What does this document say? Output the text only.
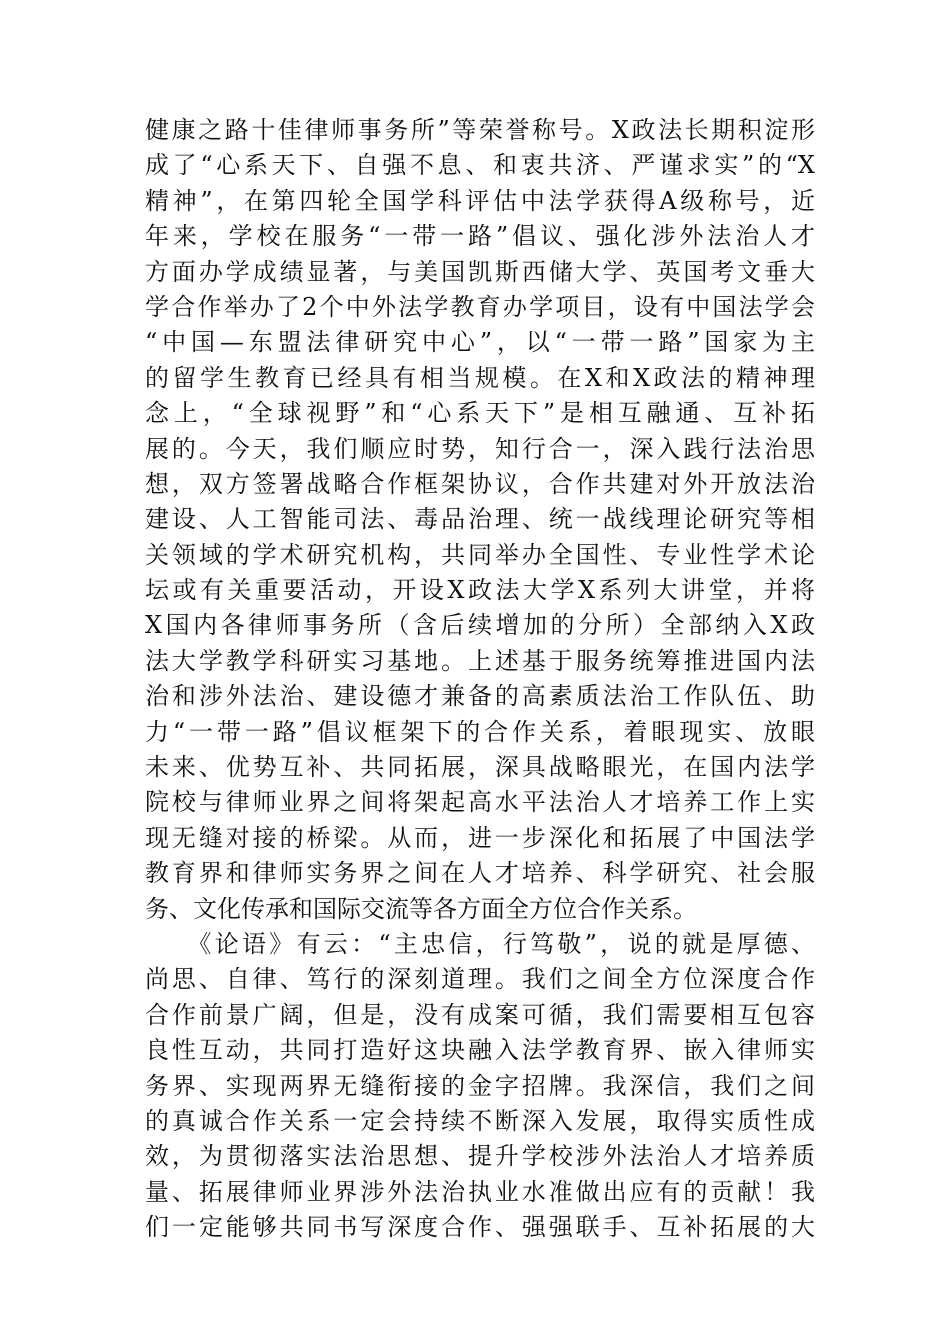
健康之路十佳律师事务所”等荣誉称号。X政法长期积淀形
成了“心系天下、自强不息、和衷共济、严谨求实”的“X
精神”，在第四轮全国学科评估中法学获得A级称号，近
年来，学校在服务“一带一路”倡议、强化涉外法治人才
方面办学成绩显著，与美国凯斯西储大学、英国考文垂大
学合作举办了2个中外法学教育办学项目，设有中国法学会
“中国—东盟法律研究中心”，以“一带一路”国家为主
的留学生教育已经具有相当规模。在X和X政法的精神理
念上，“全球视野”和“心系天下”是相互融通、互补拓
展的。今天，我们顺应时势，知行合一，深入践行法治思
想，双方签署战略合作框架协议，合作共建对外开放法治
建设、人工智能司法、毒品治理、统一战线理论研究等相
关领域的学术研究机构，共同举办全国性、专业性学术论
坛或有关重要活动，开设X政法大学X系列大讲堂，并将
X国内各律师事务所（含后续增加的分所）全部纳入X政
法大学教学科研实习基地。上述基于服务统筹推进国内法
治和涉外法治、建设德才兼备的高素质法治工作队伍、助
力“一带一路”倡议框架下的合作关系，着眼现实、放眼
未来、优势互补、共同拓展，深具战略眼光，在国内法学
院校与律师业界之间将架起高水平法治人才培养工作上实
现无缝对接的桥梁。从而，进一步深化和拓展了中国法学
教育界和律师实务界之间在人才培养、科学研究、社会服
务、文化传承和国际交流等各方面全方位合作关系。
　　《论语》有云：“主忠信，行笃敬”，说的就是厚德、
尚思、自律、笃行的深刻道理。我们之间全方位深度合作
合作前景广阔，但是，没有成案可循，我们需要相互包容
良性互动，共同打造好这块融入法学教育界、嵌入律师实
务界、实现两界无缝衔接的金字招牌。我深信，我们之间
的真诚合作关系一定会持续不断深入发展，取得实质性成
效，为贯彻落实法治思想、提升学校涉外法治人才培养质
量、拓展律师业界涉外法治执业水准做出应有的贡献！我
们一定能够共同书写深度合作、强强联手、互补拓展的大
